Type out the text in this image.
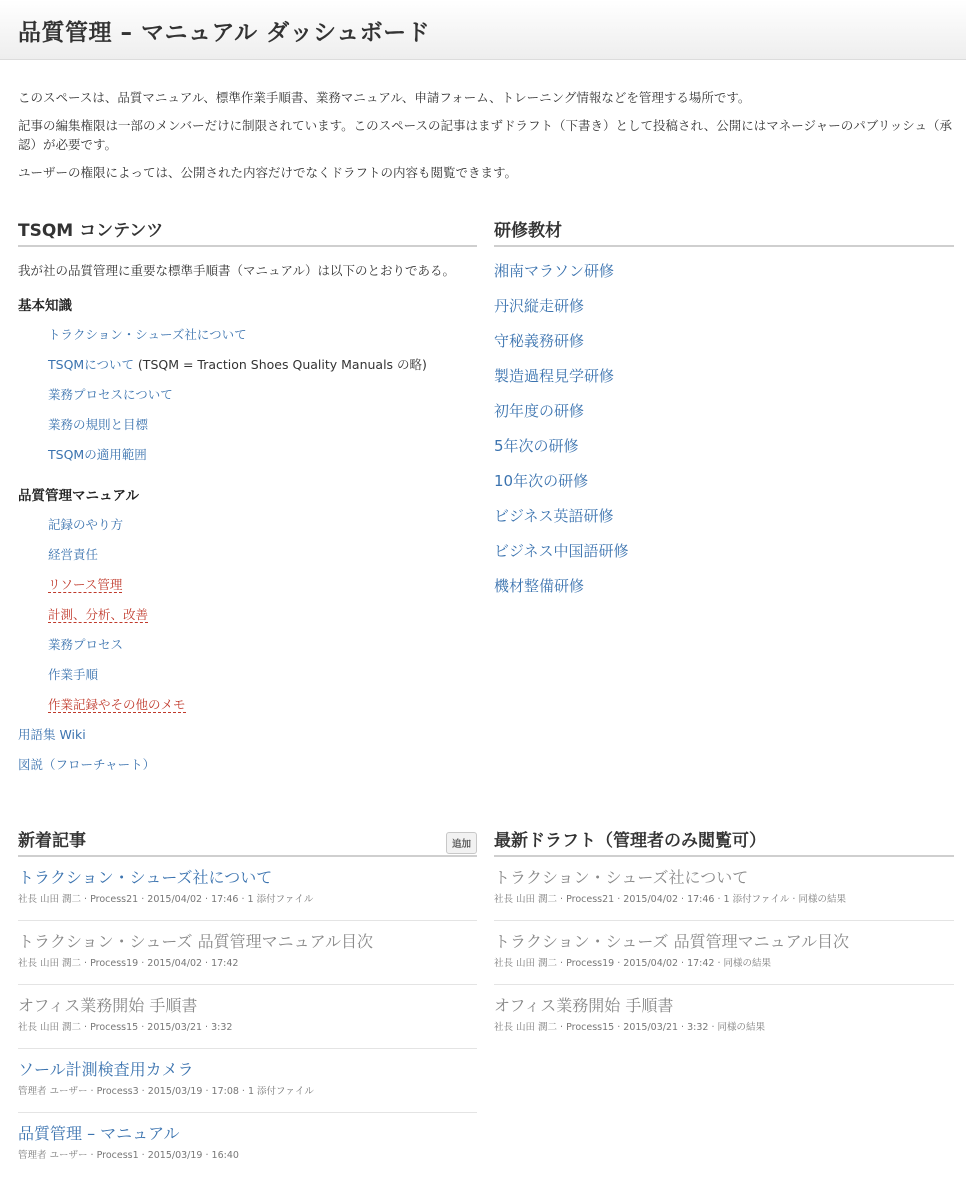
品質管理 – マニュアル ダッシュボード

このスペースは、品質マニュアル、標準作業手順書、業務マニュアル、申請フォーム、トレーニング情報などを管理する場所です。

記事の編集権限は一部のメンバーだけに制限されています。このスペースの記事はまずドラフト（下書き）として投稿され、公開にはマネージャーのパブリッシュ（承認）が必要です。

ユーザーの権限によっては、公開された内容だけでなくドラフトの内容も閲覧できます。

TSQM コンテンツ

我が社の品質管理に重要な標準手順書（マニュアル）は以下のとおりである。

基本知識
トラクション・シューズ社について
TSQMについて (TSQM = Traction Shoes Quality Manuals の略)
業務プロセスについて
業務の規則と目標
TSQMの適用範囲
品質管理マニュアル
記録のやり方
経営責任
リソース管理
計測、分析、改善
業務プロセス
作業手順
作業記録やその他のメモ
用語集 Wiki
図説（フローチャート）
研修教材
湘南マラソン研修
丹沢縦走研修
守秘義務研修
製造過程見学研修
初年度の研修
5年次の研修
10年次の研修
ビジネス英語研修
ビジネス中国語研修
機材整備研修
新着記事	追加
トラクション・シューズ社について
社長 山田 潤二 · Process21 · 2015/04/02 · 17:46 · 1 添付ファイル
トラクション・シューズ 品質管理マニュアル目次
社長 山田 潤二 · Process19 · 2015/04/02 · 17:42
オフィス業務開始 手順書
社長 山田 潤二 · Process15 · 2015/03/21 · 3:32
ソール計測検査用カメラ
管理者 ユーザー · Process3 · 2015/03/19 · 17:08 · 1 添付ファイル
品質管理 – マニュアル
管理者 ユーザー · Process1 · 2015/03/19 · 16:40
最新ドラフト（管理者のみ閲覧可）
トラクション・シューズ社について
社長 山田 潤二 · Process21 · 2015/04/02 · 17:46 · 1 添付ファイル · 同様の結果
トラクション・シューズ 品質管理マニュアル目次
社長 山田 潤二 · Process19 · 2015/04/02 · 17:42 · 同様の結果
オフィス業務開始 手順書
社長 山田 潤二 · Process15 · 2015/03/21 · 3:32 · 同様の結果
